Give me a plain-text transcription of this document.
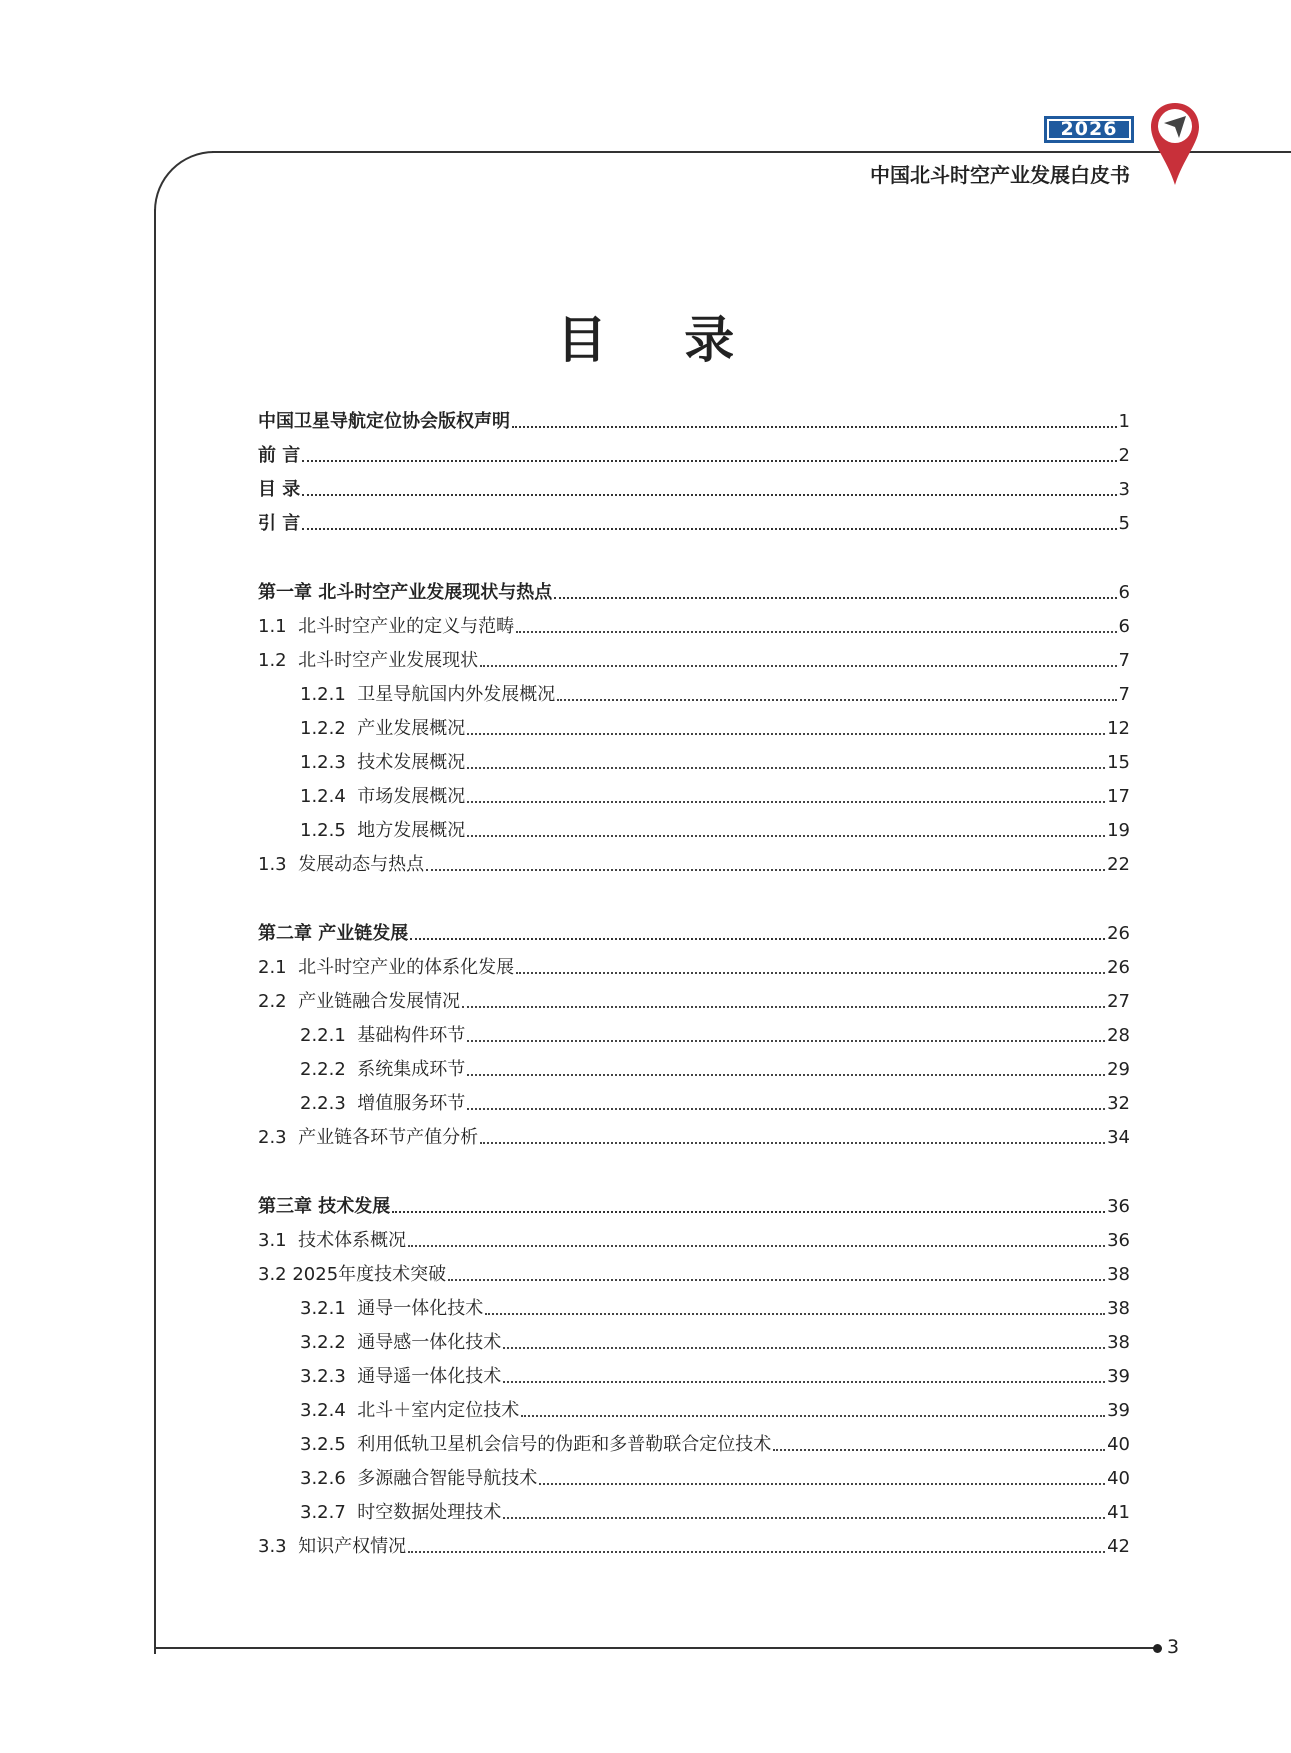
2026
中国北斗时空产业发展白皮书
目 录
中国卫星导航定位协会版权声明	1
前 言	2
目 录	3
引 言	5
第一章 北斗时空产业发展现状与热点	6
1.1 北斗时空产业的定义与范畴	6
1.2 北斗时空产业发展现状	7
1.2.1 卫星导航国内外发展概况	7
1.2.2 产业发展概况	12
1.2.3 技术发展概况	15
1.2.4 市场发展概况	17
1.2.5 地方发展概况	19
1.3 发展动态与热点	22
第二章 产业链发展	26
2.1 北斗时空产业的体系化发展	26
2.2 产业链融合发展情况	27
2.2.1 基础构件环节	28
2.2.2 系统集成环节	29
2.2.3 增值服务环节	32
2.3 产业链各环节产值分析	34
第三章 技术发展	36
3.1 技术体系概况	36
3.2 2025年度技术突破	38
3.2.1 通导一体化技术	38
3.2.2 通导感一体化技术	38
3.2.3 通导遥一体化技术	39
3.2.4 北斗＋室内定位技术	39
3.2.5 利用低轨卫星机会信号的伪距和多普勒联合定位技术	40
3.2.6 多源融合智能导航技术	40
3.2.7 时空数据处理技术	41
3.3 知识产权情况	42
3
